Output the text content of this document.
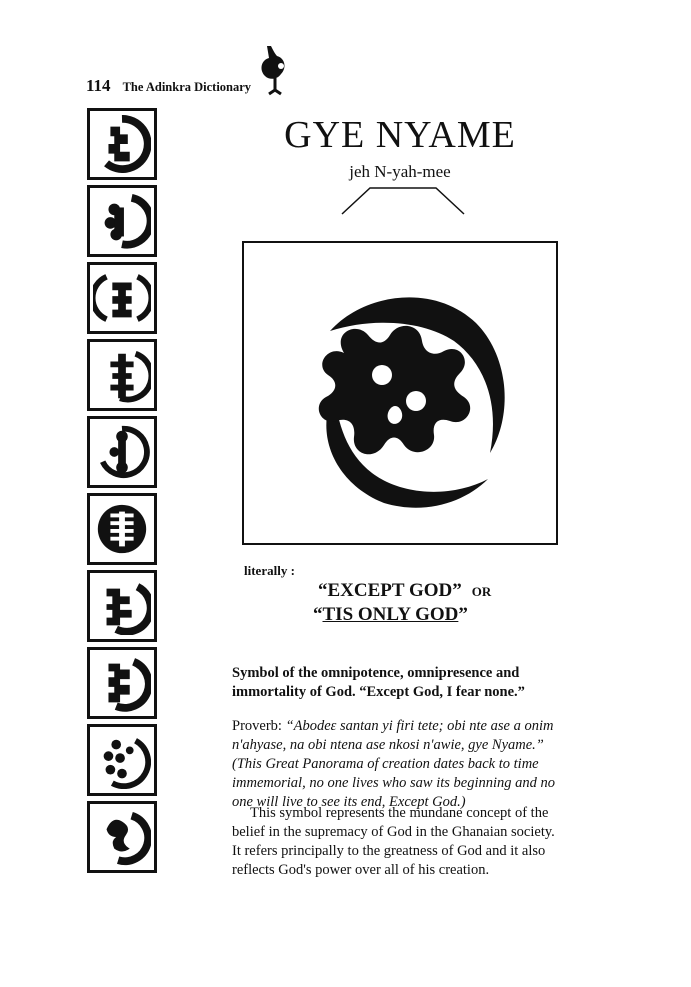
114 The Adinkra Dictionary
GYE NYAME
jeh N-yah-mee
literally :
“EXCEPT GOD” OR
“TIS ONLY GOD”
Symbol of the omnipotence, omnipresence and immortality of God. “Except God, I fear none.”
Proverb: “Abodeɛ santan yi firi tete; obi nte ase a onim n'ahyase, na obi ntena ase nkosi n'awie, gye Nyame.” (This Great Panorama of creation dates back to time immemorial, no one lives who saw its beginning and no one will live to see its end, Except God.)
This symbol represents the mundane concept of the belief in the supremacy of God in the Ghanaian society. It refers principally to the greatness of God and it also reflects God's power over all of his creation.
